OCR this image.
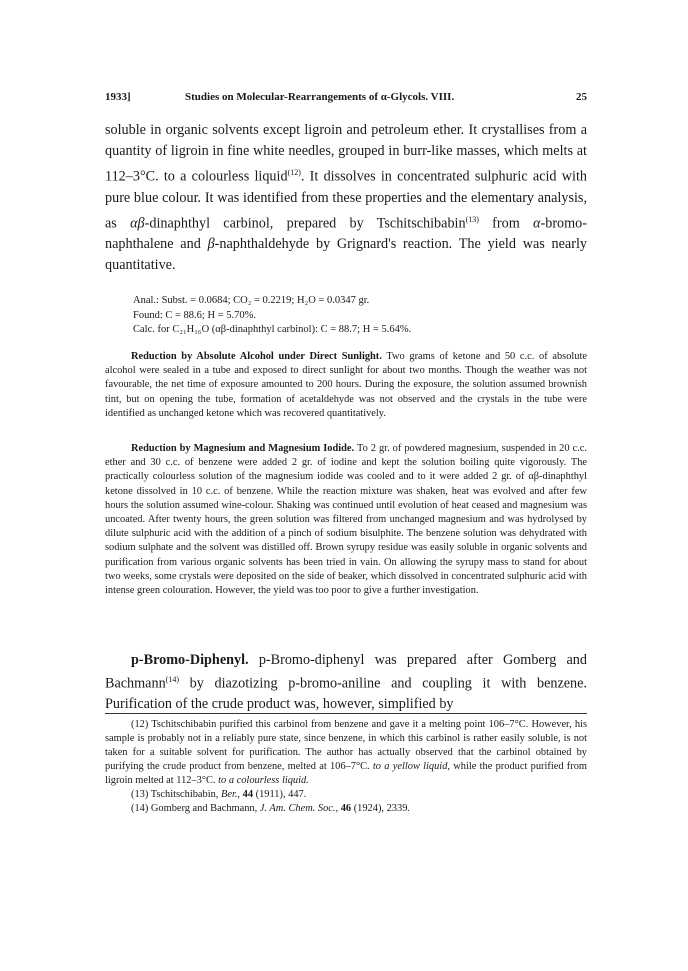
1933]	Studies on Molecular-Rearrangements of α-Glycols. VIII.	25

soluble in organic solvents except ligroin and petroleum ether. It crystallises from a quantity of ligroin in fine white needles, grouped in burr-like masses, which melts at 112–3°C. to a colourless liquid$^{(12)}$. It dissolves in concentrated sulphuric acid with pure blue colour. It was identified from these properties and the elementary analysis, as αβ-dinaphthyl carbinol, prepared by Tschitschibabin$^{(13)}$ from α-bromo-naphthalene and β-naphthaldehyde by Grignard's reaction. The yield was nearly quantitative.

Anal.: Subst. = 0.0684; CO₂ = 0.2219; H₂O = 0.0347 gr.
Found: C = 88.6; H = 5.70%.
Calc. for C₂₁H₁₆O (αβ-dinaphthyl carbinol): C = 88.7; H = 5.64%.

Reduction by Absolute Alcohol under Direct Sunlight. Two grams of ketone and 50 c.c. of absolute alcohol were sealed in a tube and exposed to direct sunlight for about two months. Though the weather was not favourable, the net time of exposure amounted to 200 hours. During the exposure, the solution assumed brownish tint, but on opening the tube, formation of acetaldehyde was not observed and the crystals in the tube were identified as unchanged ketone which was recovered quantitatively.

Reduction by Magnesium and Magnesium Iodide. To 2 gr. of powdered magnesium, suspended in 20 c.c. ether and 30 c.c. of benzene were added 2 gr. of iodine and kept the solution boiling quite vigorously. The practically colourless solution of the magnesium iodide was cooled and to it were added 2 gr. of αβ-dinaphthyl ketone dissolved in 10 c.c. of benzene. While the reaction mixture was shaken, heat was evolved and after few hours the solution assumed wine-colour. Shaking was continued until evolution of heat ceased and magnesium was uncoated. After twenty hours, the green solution was filtered from unchanged magnesium and was hydrolysed by dilute sulphuric acid with the addition of a pinch of sodium bisulphite. The benzene solution was dehydrated with sodium sulphate and the solvent was distilled off. Brown syrupy residue was easily soluble in organic solvents and purification from various organic solvents has been tried in vain. On allowing the syrupy mass to stand for about two weeks, some crystals were deposited on the side of beaker, which dissolved in concentrated sulphuric acid with intense green colouration. However, the yield was too poor to give a further investigation.

p-Bromo-Diphenyl. p-Bromo-diphenyl was prepared after Gomberg and Bachmann$^{(14)}$ by diazotizing p-bromo-aniline and coupling it with benzene. Purification of the crude product was, however, simplified by

(12) Tschitschibabin purified this carbinol from benzene and gave it a melting point 106–7°C. However, his sample is probably not in a reliably pure state, since benzene, in which this carbinol is rather easily soluble, is not taken for a suitable solvent for purification. The author has actually observed that the carbinol obtained by purifying the crude product from benzene, melted at 106–7°C. to a yellow liquid, while the product purified from ligroin melted at 112–3°C. to a colourless liquid.

(13) Tschitschibabin, Ber., 44 (1911), 447.

(14) Gomberg and Bachmann, J. Am. Chem. Soc., 46 (1924), 2339.
